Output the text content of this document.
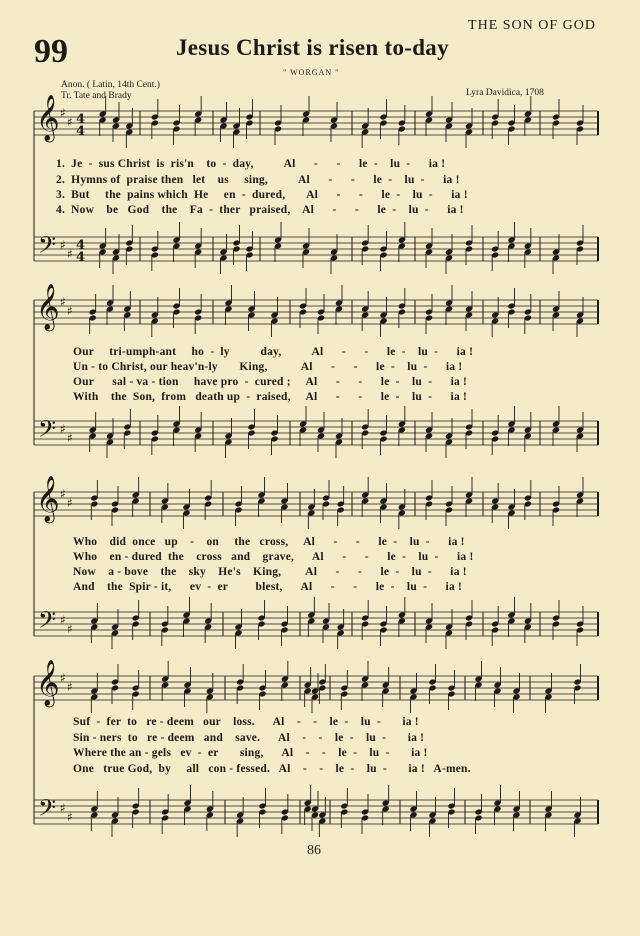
THE SON OF GOD
99	Jesus Christ is risen to-day
" WORGAN "
Anon. ( Latin, 14th Cent.)
Tr. Tate and Brady	Lyra Davidica, 1708
𝄞
𝄢
♯
♯
♯
♯
4
4
4
4
𝄞
𝄢
♯
♯
♯
♯
𝄞
𝄢
♯
♯
♯
♯
𝄞
𝄢
♯
♯
♯
♯
1.  Je  -  sus Christ  is  ris'n    to  -  day,          Al      -      -      le  -    lu  -      ia !
2.  Hymns of  praise then   let    us     sing,          Al      -      -      le  -    lu  -      ia !
3.  But     the  pains which  He     en  -  dured,       Al      -      -      le  -    lu  -      ia !
4.  Now    be   God    the    Fa  -  ther   praised,    Al      -      -      le  -    lu  -      ia !
Our     tri-umph-ant     ho  -  ly          day,          Al      -      -      le  -    lu  -      ia !
Un - to Christ, our heav'n-ly       King,           Al      -      -      le  -    lu  -      ia !
Our      sal - va - tion     have pro  -  cured ;     Al      -      -      le  -    lu  -      ia !
With    the  Son,  from   death up  -  raised,     Al      -      -      le  -    lu  -      ia !
Who    did  once   up    -    on     the   cross,     Al      -      -      le  -    lu  -      ia !
Who    en - dured  the    cross   and    grave,      Al      -      -      le  -    lu  -      ia !
Now    a - bove    the    sky    He's    King,        Al      -      -      le  -    lu  -      ia !
And    the  Spir - it,      ev  -  er         blest,      Al      -      -      le  -    lu  -      ia !
Suf  -  fer  to   re - deem   our    loss.      Al    -    -    le  -    lu  -       ia !
Sin - ners  to   re - deem   and    save.      Al    -    -    le  -    lu  -       ia !
Where the an - gels   ev  -  er       sing,      Al    -    -    le  -    lu  -       ia !
One   true God,  by     all   con - fessed.   Al    -    -    le  -    lu  -       ia !   A-men.
86
